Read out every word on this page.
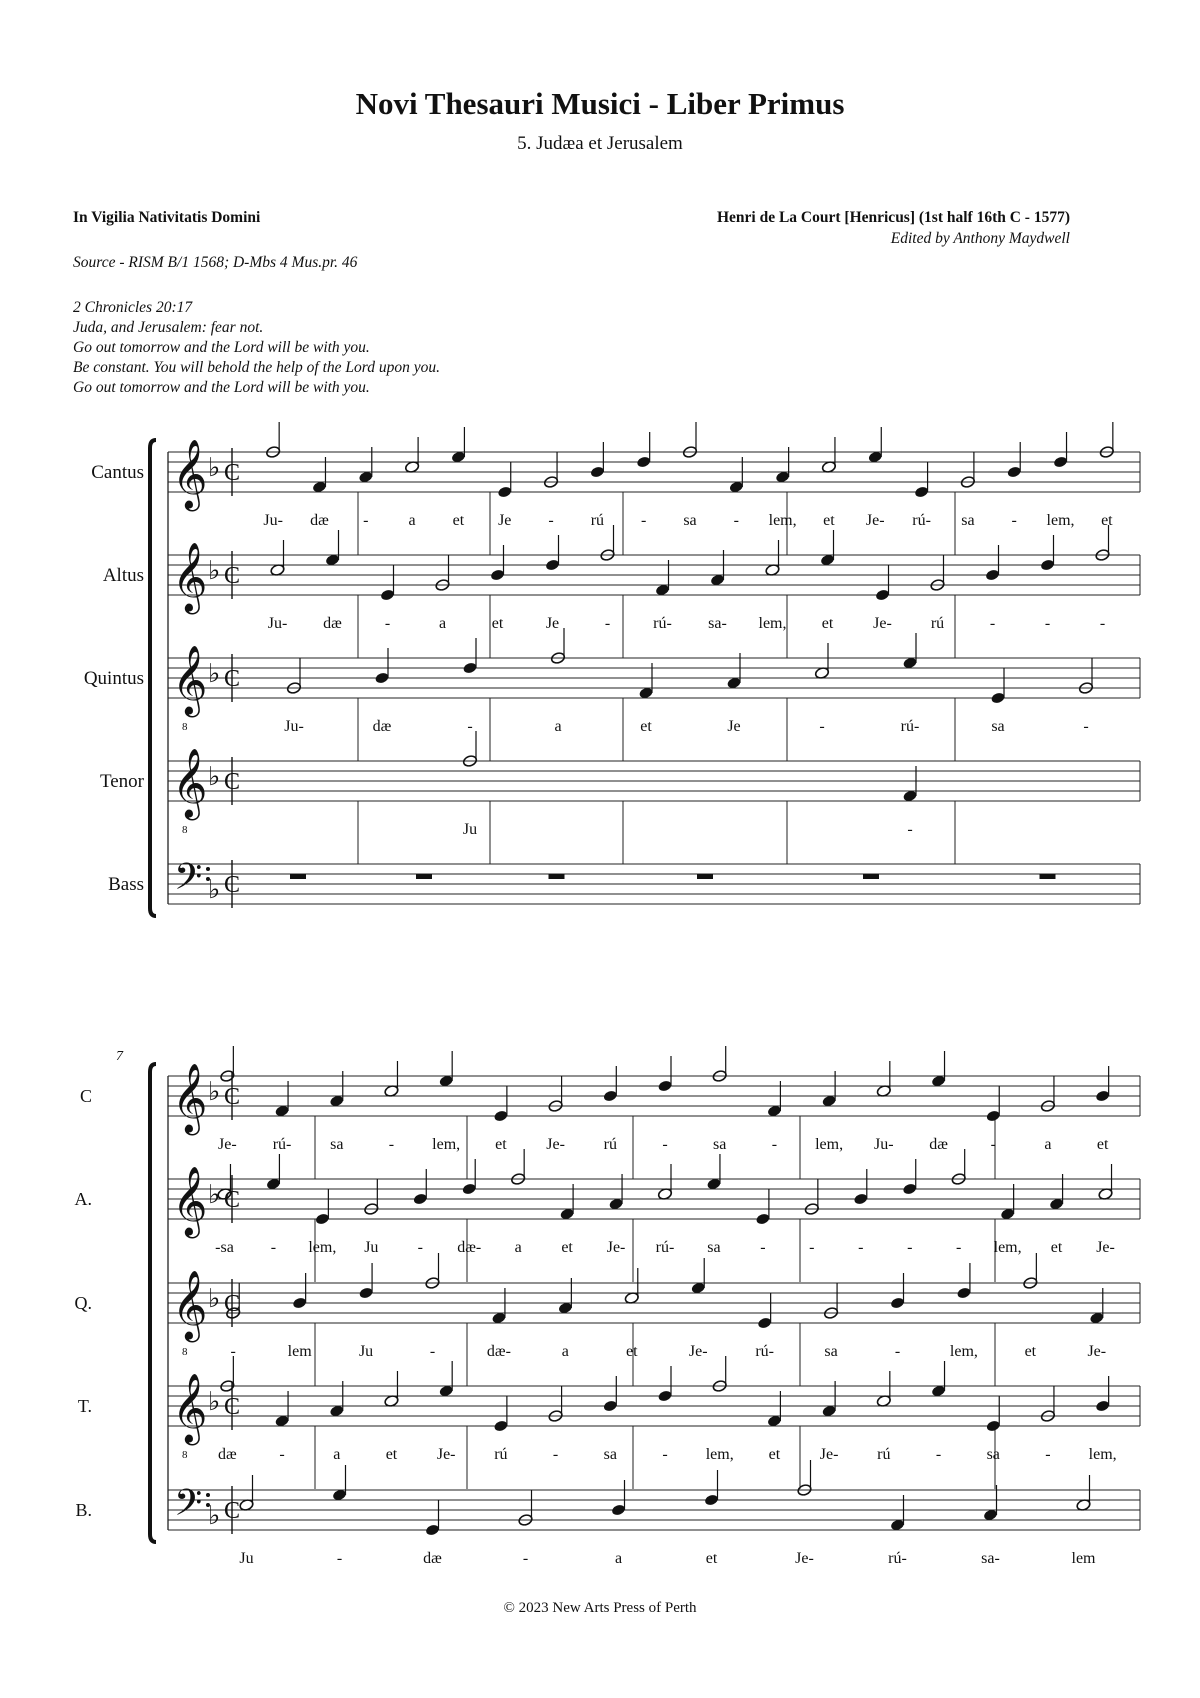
Novi Thesauri Musici - Liber Primus
5. Judæa et Jerusalem
In Vigilia Nativitatis Domini	Henri de La Court [Henricus] (1st half 16th C - 1577)
Edited by Anthony Maydwell
Source - RISM B/1 1568; D-Mbs 4 Mus.pr. 46
2 Chronicles 20:17
Juda, and Jerusalem: fear not.
Go out tomorrow and the Lord will be with you.
Be constant. You will behold the help of the Lord upon you.
Go out tomorrow and the Lord will be with you.
Cantus 𝄞 ♭ C
Ju- dæ -	a et Je - rú - sa - lem, et Je- rú- sa - lem, et
Altus 𝄞 ♭ C
Ju- dæ	-	a	et	Je	-	rú- sa- lem, et Je- rú	-	-	-
Quintus 𝄞
8
♭ C
Ju-	dæ	-	a	et	Je	-	rú-	sa	-
Tenor 𝄞
8
♭ C
Ju	-
Bass 𝄢 ♭ C
7
C 𝄞 ♭ C
Je- rú- sa	- lem, et Je- rú	-	sa	- lem, Ju- dæ	-	a	et
A. 𝄞 ♭ C
-sa - lem, Ju - dæ- a et Je- rú- sa -	-	-	-	- lem, et Je-
Q. 𝄞
8
♭ C
-	lem	Ju	-	dæ-	a	et	Je-	rú-	sa	-	lem,	et	Je-
T. 𝄞
8
♭ C
dæ	-	a	et Je- rú	-	sa	- lem, et Je- rú	-	sa	- lem,
B. 𝄢 ♭ C
Ju	-	dæ	-	a	et	Je-	rú-	sa-	lem
© 2023 New Arts Press of Perth
